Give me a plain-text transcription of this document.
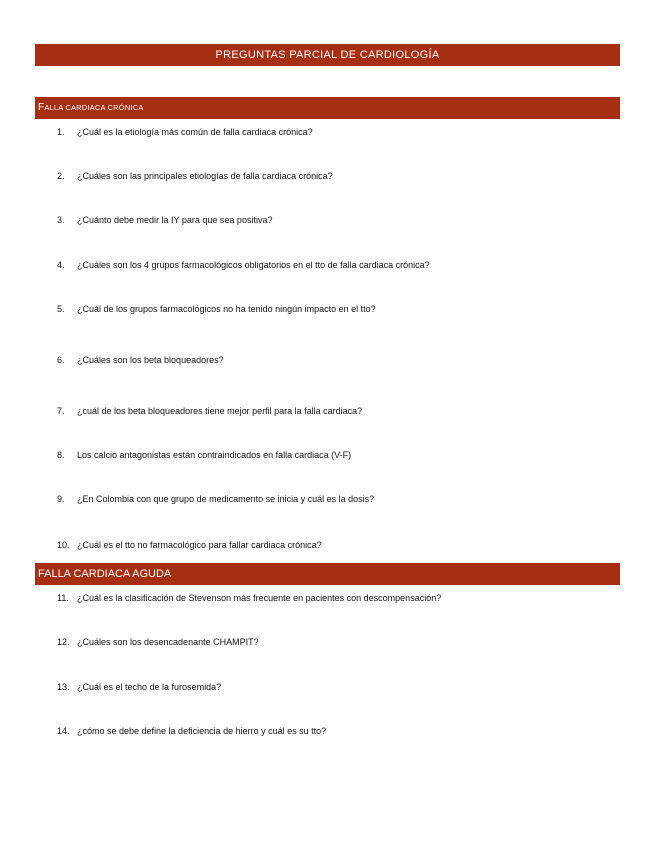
PREGUNTAS PARCIAL DE CARDIOLOGÍA
FALLA CARDIACA CRÓNICA
1. ¿Cuál es la etiología más común de falla cardiaca crónica?
2. ¿Cuáles son las principales etiologías de falla cardiaca crónica?
3. ¿Cuánto debe medir la IY para que sea positiva?
4. ¿Cuáles son los 4 grupos farmacológicos obligatorios en el tto de falla cardiaca crónica?
5. ¿Cuál de los grupos farmacológicos no ha tenido ningún impacto en el tto?
6. ¿Cuáles son los beta bloqueadores?
7. ¿cuál de los beta bloqueadores tiene mejor perfil para la falla cardiaca?
8. Los calcio antagonistas están contraindicados en falla cardiaca (V-F)
9. ¿En Colombia con que grupo de medicamento se inicia y cuál es la dosis?
10. ¿Cuál es el tto no farmacológico para fallar cardiaca crónica?
FALLA CARDIACA AGUDA
11. ¿Cuál es la clasificación de Stevenson más frecuente en pacientes con descompensación?
12. ¿Cuáles son los desencadenante CHAMPIT?
13. ¿Cuál es el techo de la furosemida?
14. ¿cómo se debe define la deficiencia de hierro y cuál es su tto?
